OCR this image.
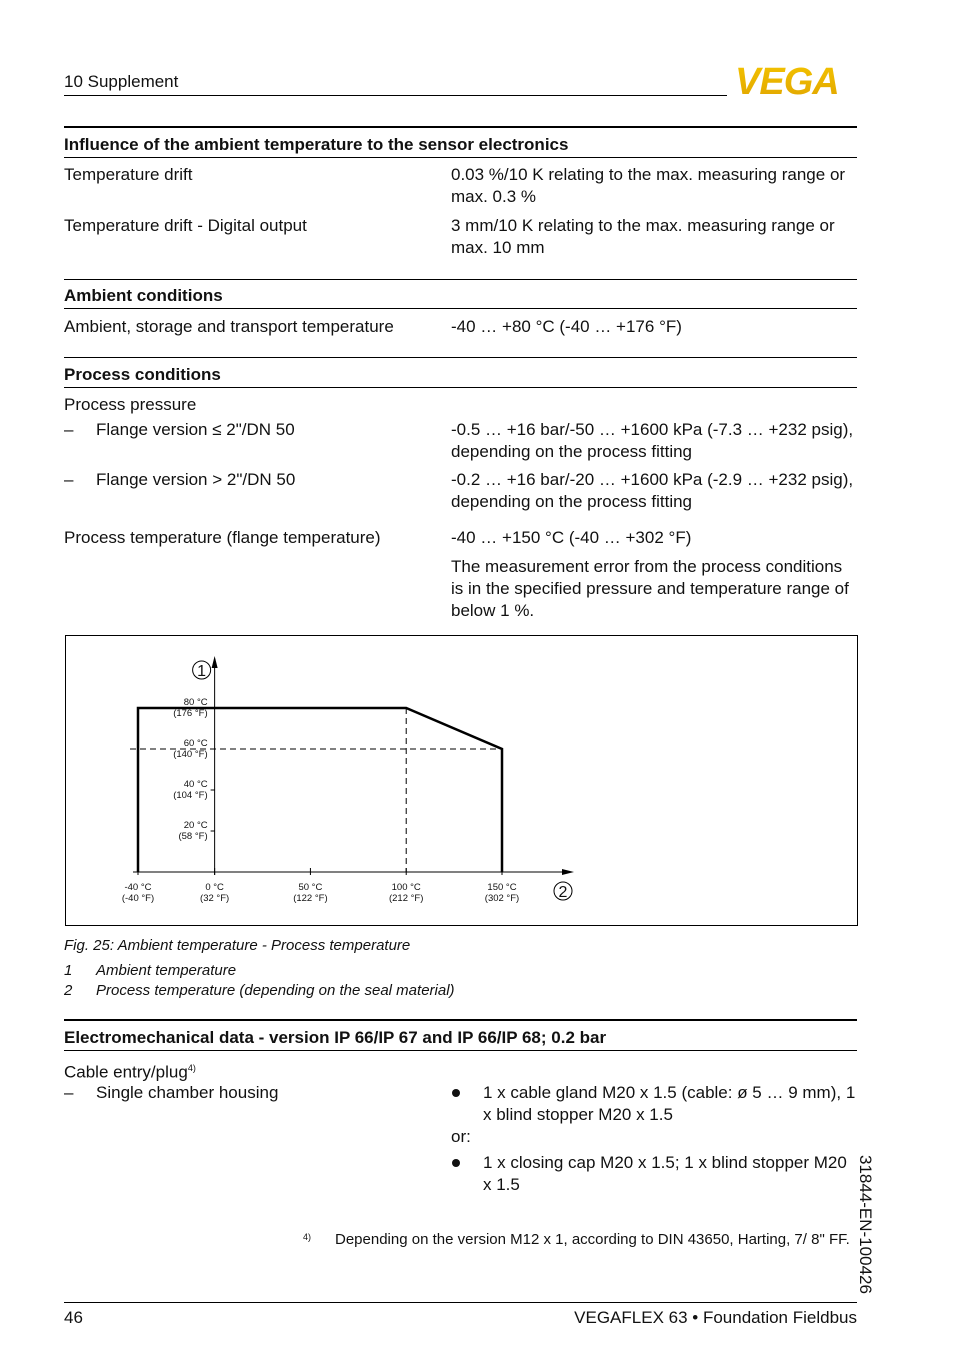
10 Supplement	VEGA
Influence of the ambient temperature to the sensor electronics
Temperature drift	0.03 %/10 K relating to the max. measuring range or max. 0.3 %
Temperature drift - Digital output	3 mm/10 K relating to the max. measuring range or max. 10 mm
Ambient conditions
Ambient, storage and transport temperature	-40 … +80 °C (-40 … +176 °F)
Process conditions
Process pressure
– Flange version ≤ 2"/DN 50	-0.5 … +16 bar/-50 … +1600 kPa (-7.3 … +232 psig), depending on the process fitting
– Flange version > 2"/DN 50	-0.2 … +16 bar/-20 … +1600 kPa (-2.9 … +232 psig), depending on the process fitting
Process temperature (flange temperature)	-40 … +150 °C (-40 … +302 °F)
The measurement error from the process conditions is in the specified pressure and temperature range of below 1 %.
80 °C
(176 °F)
60 °C
(140 °F)
40 °C
(104 °F)
20 °C
(58 °F)
-40 °C
(-40 °F)
0 °C
(32 °F)
50 °C
(122 °F)
100 °C
(212 °F)
150 °C
(302 °F)
1
2
Fig. 25: Ambient temperature - Process temperature
1 Ambient temperature
2 Process temperature (depending on the seal material)
Electromechanical data - version IP 66/IP 67 and IP 66/IP 68; 0.2 bar
Cable entry/plug$^{4)}$
– Single chamber housing	1 x cable gland M20 x 1.5 (cable: ø 5 … 9 mm), 1 x blind stopper M20 x 1.5
or:
1 x closing cap M20 x 1.5; 1 x blind stopper M20 x 1.5
4) Depending on the version M12 x 1, according to DIN 43650, Harting, 7/ 8" FF. 31844-EN-100426
46	VEGAFLEX 63 • Foundation Fieldbus
